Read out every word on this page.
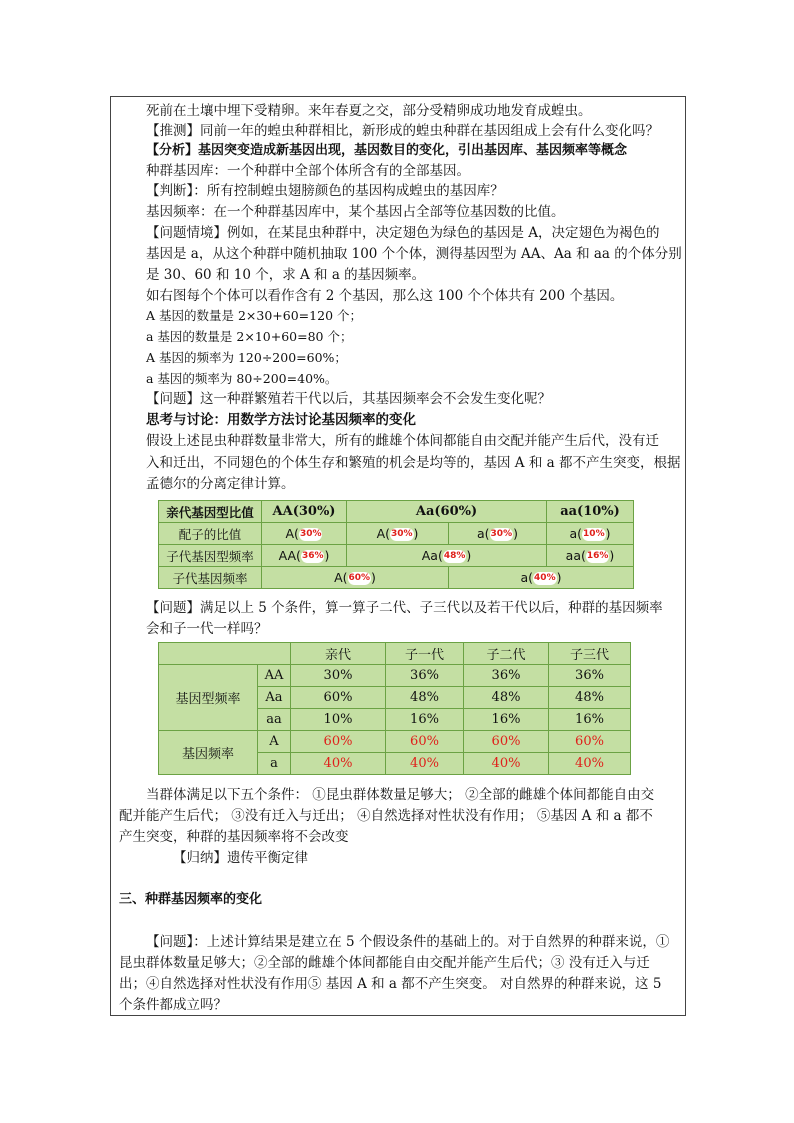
死前在土壤中埋下受精卵。来年春夏之交，部分受精卵成功地发育成蝗虫。
【推测】同前一年的蝗虫种群相比，新形成的蝗虫种群在基因组成上会有什么变化吗？
【分析】基因突变造成新基因出现，基因数目的变化，引出基因库、基因频率等概念
种群基因库：一个种群中全部个体所含有的全部基因。
【判断】：所有控制蝗虫翅膀颜色的基因构成蝗虫的基因库？
基因频率：在一个种群基因库中，某个基因占全部等位基因数的比值。
【问题情境】例如，在某昆虫种群中，决定翅色为绿色的基因是 A，决定翅色为褐色的
基因是 a，从这个种群中随机抽取 100 个个体，测得基因型为 AA、Aa 和 aa 的个体分别
是 30、60 和 10 个，求 A 和 a 的基因频率。
如右图每个个体可以看作含有 2 个基因，那么这 100 个个体共有 200 个基因。
A 基因的数量是 2×30+60=120 个；
a 基因的数量是 2×10+60=80 个；
A 基因的频率为 120÷200=60%；
a 基因的频率为 80÷200=40%。
【问题】这一种群繁殖若干代以后，其基因频率会不会发生变化呢？
思考与讨论：用数学方法讨论基因频率的变化
假设上述昆虫种群数量非常大，所有的雌雄个体间都能自由交配并能产生后代，没有迁
入和迁出，不同翅色的个体生存和繁殖的机会是均等的，基因 A 和 a 都不产生突变，根据
孟德尔的分离定律计算。
亲代基因型比值	AA(30%)	Aa(60%)		aa(10%)
配子的比值	A(30%	A(30%)	a(30%)	a(10%)
子代基因型频率	AA(36%)	Aa(48%)		aa(16%)
子代基因频率	A(60%)		a(40%)	
【问题】满足以上 5 个条件，算一算子二代、子三代以及若干代以后，种群的基因频率
会和子一代一样吗？
		亲代	子一代	子二代	子三代
基因型频率	AA	30%	36%	36%	36%
	Aa	60%	48%	48%	48%
	aa	10%	16%	16%	16%
基因频率	A	60%	60%	60%	60%
	a	40%	40%	40%	40%
当群体满足以下五个条件： ①昆虫群体数量足够大； ②全部的雌雄个体间都能自由交
配并能产生后代； ③没有迁入与迁出； ④自然选择对性状没有作用； ⑤基因 A 和 a 都不
产生突变，种群的基因频率将不会改变
【归纳】遗传平衡定律
三、种群基因频率的变化
【问题】：上述计算结果是建立在 5 个假设条件的基础上的。对于自然界的种群来说，①
昆虫群体数量足够大；②全部的雌雄个体间都能自由交配并能产生后代；③ 没有迁入与迁
出；④自然选择对性状没有作用⑤ 基因 A 和 a 都不产生突变。 对自然界的种群来说，这 5
个条件都成立吗？
